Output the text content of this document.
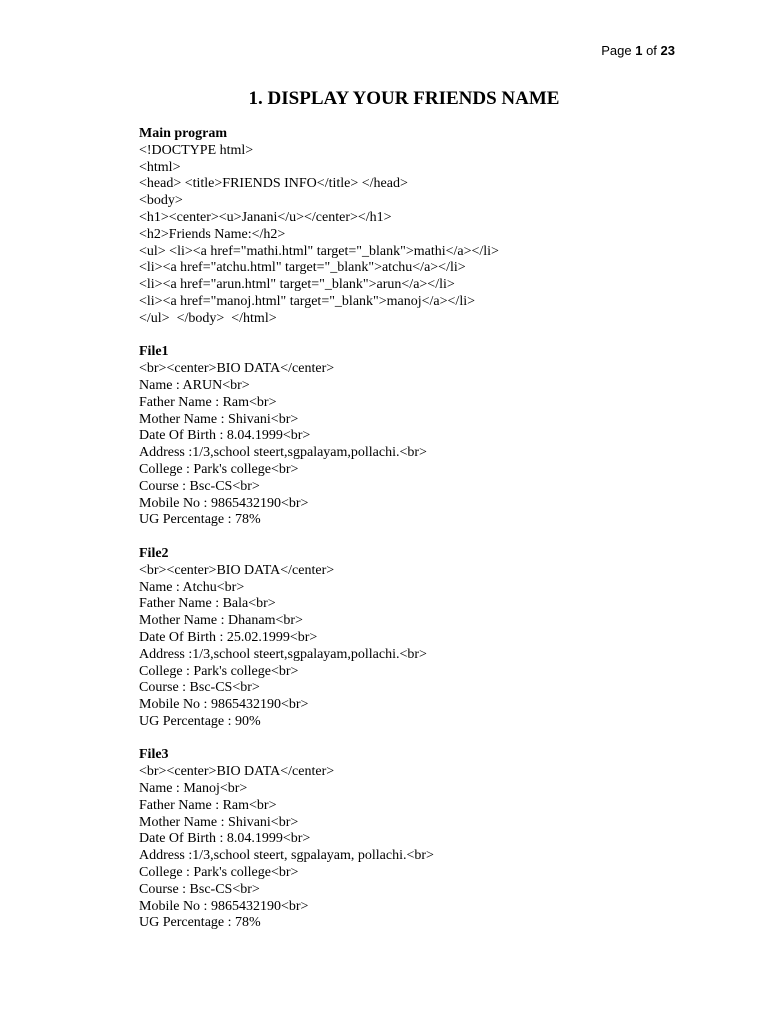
Page 1 of 23
1. DISPLAY YOUR FRIENDS NAME
Main program
<!DOCTYPE html>
<html>
<head> <title>FRIENDS INFO</title> </head>
<body>
<h1><center><u>Janani</u></center></h1>
<h2>Friends Name:</h2>
<ul> <li><a href="mathi.html" target="_blank">mathi</a></li>
<li><a href="atchu.html" target="_blank">atchu</a></li>
<li><a href="arun.html" target="_blank">arun</a></li>
<li><a href="manoj.html" target="_blank">manoj</a></li>
</ul>  </body>  </html>
File1
<br><center>BIO DATA</center>
Name : ARUN<br>
Father Name : Ram<br>
Mother Name : Shivani<br>
Date Of Birth : 8.04.1999<br>
Address :1/3,school steert,sgpalayam,pollachi.<br>
College : Park's college<br>
Course : Bsc-CS<br>
Mobile No : 9865432190<br>
UG Percentage : 78%
File2
<br><center>BIO DATA</center>
Name : Atchu<br>
Father Name : Bala<br>
Mother Name : Dhanam<br>
Date Of Birth : 25.02.1999<br>
Address :1/3,school steert,sgpalayam,pollachi.<br>
College : Park's college<br>
Course : Bsc-CS<br>
Mobile No : 9865432190<br>
UG Percentage : 90%
File3
<br><center>BIO DATA</center>
Name : Manoj<br>
Father Name : Ram<br>
Mother Name : Shivani<br>
Date Of Birth : 8.04.1999<br>
Address :1/3,school steert, sgpalayam, pollachi.<br>
College : Park's college<br>
Course : Bsc-CS<br>
Mobile No : 9865432190<br>
UG Percentage : 78%
